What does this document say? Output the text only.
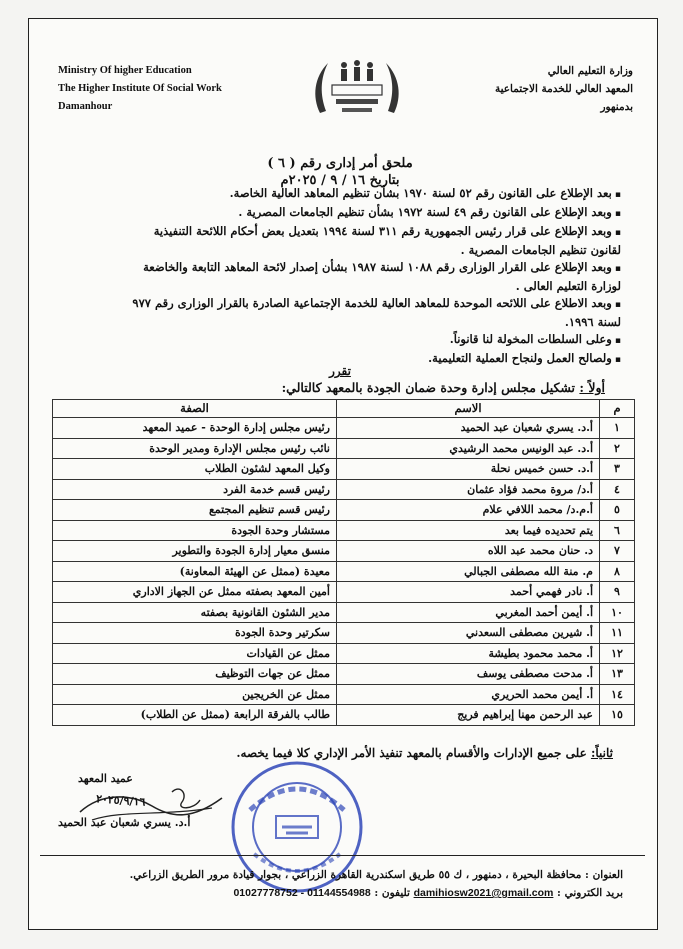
Ministry Of higher Education
The Higher Institute Of Social Work
Damanhour
وزارة التعليم العالي
المعهد العالي للخدمة الاجتماعية
بدمنهور
ملحق أمر إدارى رقم ( ٦ )
بتاريخ ١٦ / ٩ / ٢٠٢٥م
▪ بعد الإطلاع على القانون رقم ٥٢ لسنة ١٩٧٠ بشأن تنظيم المعاهد العالية الخاصة.
▪ وبعد الإطلاع على القانون رقم ٤٩ لسنة ١٩٧٢ بشأن تنظيم الجامعات المصرية .
▪ وبعد الإطلاع على قرار رئيس الجمهورية رقم ٣١١ لسنة ١٩٩٤ بتعديل بعض أحكام اللائحة التنفيذية
لقانون تنظيم الجامعات المصرية .
▪ وبعد الإطلاع على القرار الوزارى رقم ١٠٨٨ لسنة ١٩٨٧ بشأن إصدار لائحة المعاهد التابعة والخاضعة
لوزارة التعليم العالى .
▪ وبعد الاطلاع على اللائحه الموحدة للمعاهد العالية للخدمة الإجتماعية الصادرة بالقرار الوزارى رقم ٩٧٧
لسنة ١٩٩٦.
▪ وعلى السلطات المخولة لنا قانوناً.
▪ ولصالح العمل ولنجاح العملية التعليمية.
تقرر
أولاً : تشكيل مجلس إدارة وحدة ضمان الجودة بالمعهد كالتالي:
م	الاسم	الصفة
١	أ.د. يسري شعبان عبد الحميد	رئيس مجلس إدارة الوحدة - عميد المعهد
٢	أ.د. عبد الونيس محمد الرشيدي	نائب رئيس مجلس الإدارة ومدير الوحدة
٣	أ.د. حسن خميس نحلة	وكيل المعهد لشئون الطلاب
٤	أ.د/ مروة محمد فؤاد عثمان	رئيس قسم خدمة الفرد
٥	أ.م.د/ محمد اللافي علام	رئيس قسم تنظيم المجتمع
٦	يتم تحديده فيما بعد	مستشار وحدة الجودة
٧	د. حنان محمد عبد اللاه	منسق معيار إدارة الجودة والتطوير
٨	م. منة الله مصطفى الجبالي	معيدة (ممثل عن الهيئة المعاونة)
٩	أ. نادر فهمي أحمد	أمين المعهد بصفته ممثل عن الجهاز الاداري
١٠	أ. أيمن أحمد المغربي	مدير الشئون القانونية بصفته
١١	أ. شيرين مصطفى السعدني	سكرتير وحدة الجودة
١٢	أ. محمد محمود بطيشة	ممثل عن القيادات
١٣	أ. مدحت مصطفى يوسف	ممثل عن جهات التوظيف
١٤	أ. أيمن محمد الحريري	ممثل عن الخريجين
١٥	عبد الرحمن مهنا إبراهيم فريج	طالب بالفرقة الرابعة (ممثل عن الطلاب)
ثانياً: على جميع الإدارات والأقسام بالمعهد تنفيذ الأمر الإداري كلا فيما يخصه.
عميد المعهد
٢٠٢٥/٩/١٦
أ.د. يسري شعبان عبد الحميد
العنوان : محافظة البحيرة ، دمنهور ، ك ٥٥ طريق اسكندرية القاهرة الزراعي ، بجوار قيادة مرور الطريق الزراعي.
بريد الكتروني : damihiosw2021@gmail.com تليفون : 01144554988 - 01027778752
